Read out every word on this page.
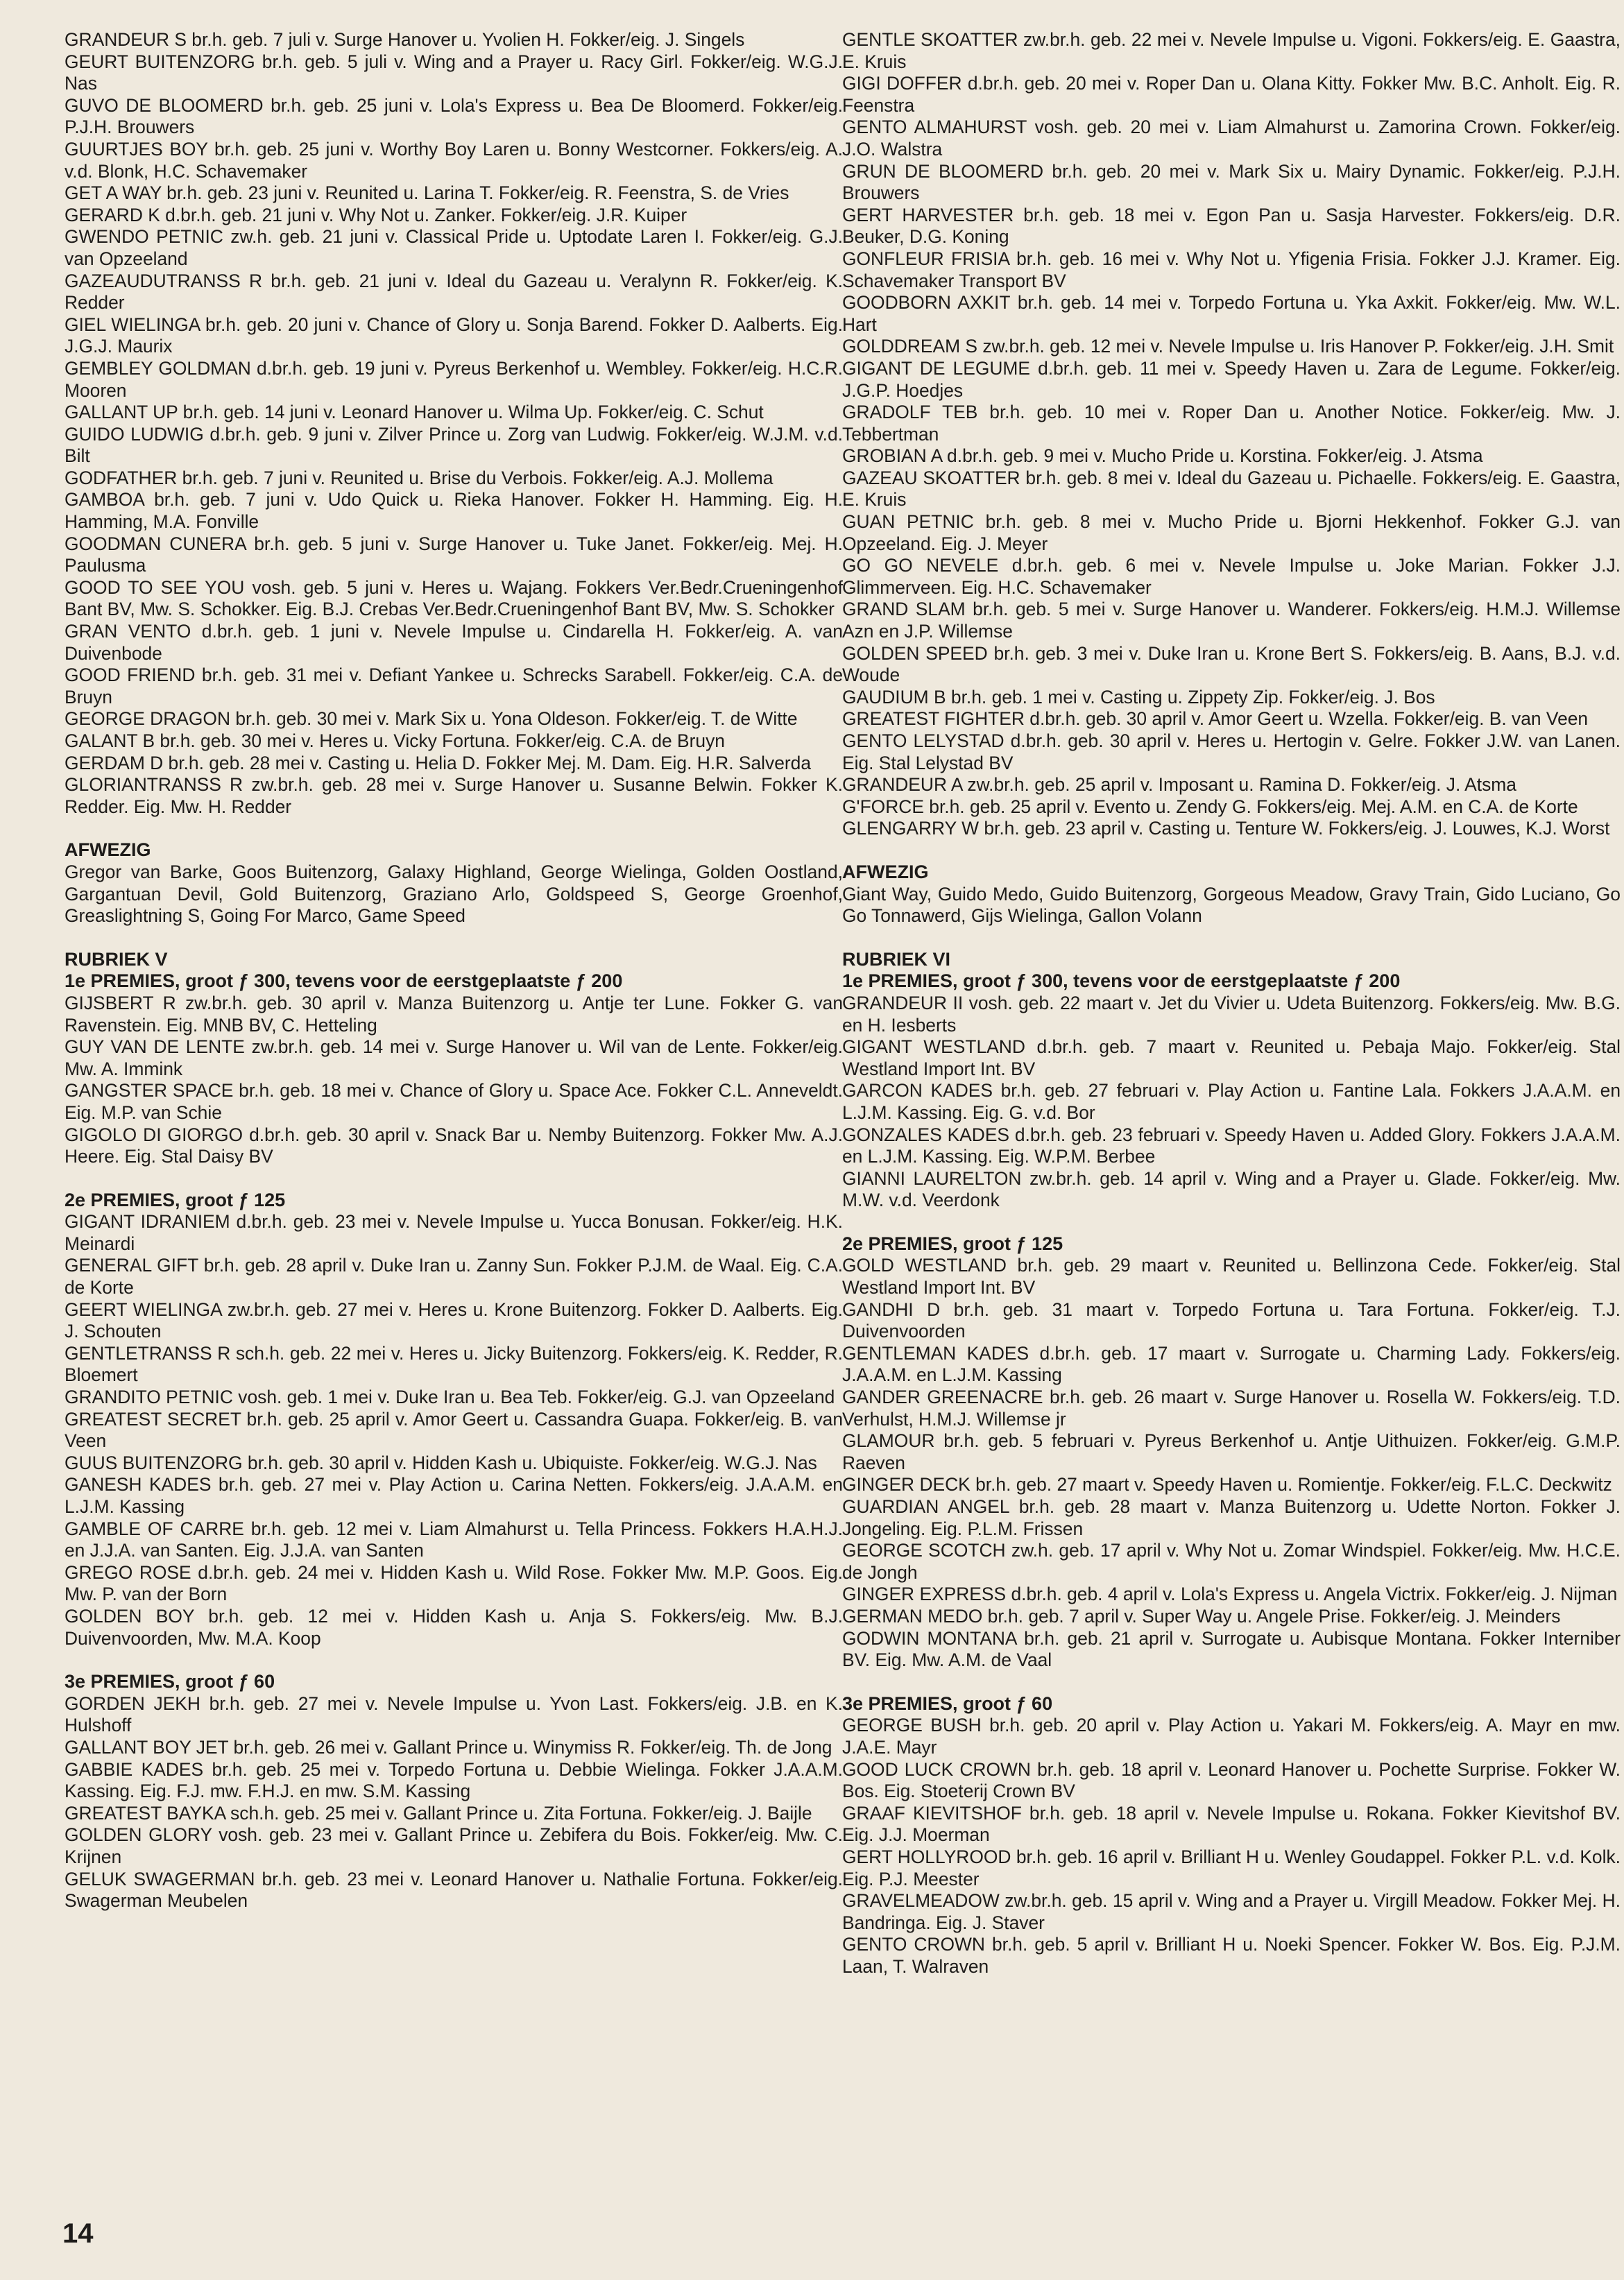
GRANDEUR S br.h. geb. 7 juli v. Surge Hanover u. Yvolien H. Fokker/eig. J. Singels
GEURT BUITENZORG br.h. geb. 5 juli v. Wing and a Prayer u. Racy Girl. Fokker/eig. W.G.J. Nas
GUVO DE BLOOMERD br.h. geb. 25 juni v. Lola's Express u. Bea De Bloomerd. Fokker/eig. P.J.H. Brouwers
GUURTJES BOY br.h. geb. 25 juni v. Worthy Boy Laren u. Bonny Westcorner. Fokkers/eig. A. v.d. Blonk, H.C. Schavemaker
GET A WAY br.h. geb. 23 juni v. Reunited u. Larina T. Fokker/eig. R. Feenstra, S. de Vries
GERARD K d.br.h. geb. 21 juni v. Why Not u. Zanker. Fokker/eig. J.R. Kuiper
GWENDO PETNIC zw.h. geb. 21 juni v. Classical Pride u. Uptodate Laren I. Fokker/eig. G.J. van Opzeeland
GAZEAUDUTRANSS R br.h. geb. 21 juni v. Ideal du Gazeau u. Veralynn R. Fokker/eig. K. Redder
GIEL WIELINGA br.h. geb. 20 juni v. Chance of Glory u. Sonja Barend. Fokker D. Aalberts. Eig. J.G.J. Maurix
GEMBLEY GOLDMAN d.br.h. geb. 19 juni v. Pyreus Berkenhof u. Wembley. Fokker/eig. H.C.R. Mooren
GALLANT UP br.h. geb. 14 juni v. Leonard Hanover u. Wilma Up. Fokker/eig. C. Schut
GUIDO LUDWIG d.br.h. geb. 9 juni v. Zilver Prince u. Zorg van Ludwig. Fokker/eig. W.J.M. v.d. Bilt
GODFATHER br.h. geb. 7 juni v. Reunited u. Brise du Verbois. Fokker/eig. A.J. Mollema
GAMBOA br.h. geb. 7 juni v. Udo Quick u. Rieka Hanover. Fokker H. Hamming. Eig. H. Hamming, M.A. Fonville
GOODMAN CUNERA br.h. geb. 5 juni v. Surge Hanover u. Tuke Janet. Fokker/eig. Mej. H. Paulusma
GOOD TO SEE YOU vosh. geb. 5 juni v. Heres u. Wajang. Fokkers Ver.Bedr.Crueningenhof Bant BV, Mw. S. Schokker. Eig. B.J. Crebas Ver.Bedr.Crueningenhof Bant BV, Mw. S. Schokker
GRAN VENTO d.br.h. geb. 1 juni v. Nevele Impulse u. Cindarella H. Fokker/eig. A. van Duivenbode
GOOD FRIEND br.h. geb. 31 mei v. Defiant Yankee u. Schrecks Sarabell. Fokker/eig. C.A. de Bruyn
GEORGE DRAGON br.h. geb. 30 mei v. Mark Six u. Yona Oldeson. Fokker/eig. T. de Witte
GALANT B br.h. geb. 30 mei v. Heres u. Vicky Fortuna. Fokker/eig. C.A. de Bruyn
GERDAM D br.h. geb. 28 mei v. Casting u. Helia D. Fokker Mej. M. Dam. Eig. H.R. Salverda
GLORIANTRANSS R zw.br.h. geb. 28 mei v. Surge Hanover u. Susanne Belwin. Fokker K. Redder. Eig. Mw. H. Redder
AFWEZIG
Gregor van Barke, Goos Buitenzorg, Galaxy Highland, George Wielinga, Golden Oostland, Gargantuan Devil, Gold Buitenzorg, Graziano Arlo, Goldspeed S, George Groenhof, Greaslightning S, Going For Marco, Game Speed
RUBRIEK V
1e PREMIES, groot ƒ 300, tevens voor de eerstgeplaatste ƒ 200
GIJSBERT R zw.br.h. geb. 30 april v. Manza Buitenzorg u. Antje ter Lune. Fokker G. van Ravenstein. Eig. MNB BV, C. Hetteling
GUY VAN DE LENTE zw.br.h. geb. 14 mei v. Surge Hanover u. Wil van de Lente. Fokker/eig. Mw. A. Immink
GANGSTER SPACE br.h. geb. 18 mei v. Chance of Glory u. Space Ace. Fokker C.L. Anneveldt. Eig. M.P. van Schie
GIGOLO DI GIORGO d.br.h. geb. 30 april v. Snack Bar u. Nemby Buitenzorg. Fokker Mw. A.J. Heere. Eig. Stal Daisy BV
2e PREMIES, groot ƒ 125
GIGANT IDRANIEM d.br.h. geb. 23 mei v. Nevele Impulse u. Yucca Bonusan. Fokker/eig. H.K. Meinardi
GENERAL GIFT br.h. geb. 28 april v. Duke Iran u. Zanny Sun. Fokker P.J.M. de Waal. Eig. C.A. de Korte
GEERT WIELINGA zw.br.h. geb. 27 mei v. Heres u. Krone Buitenzorg. Fokker D. Aalberts. Eig. J. Schouten
GENTLETRANSS R sch.h. geb. 22 mei v. Heres u. Jicky Buitenzorg. Fokkers/eig. K. Redder, R. Bloemert
GRANDITO PETNIC vosh. geb. 1 mei v. Duke Iran u. Bea Teb. Fokker/eig. G.J. van Opzeeland
GREATEST SECRET br.h. geb. 25 april v. Amor Geert u. Cassandra Guapa. Fokker/eig. B. van Veen
GUUS BUITENZORG br.h. geb. 30 april v. Hidden Kash u. Ubiquiste. Fokker/eig. W.G.J. Nas
GANESH KADES br.h. geb. 27 mei v. Play Action u. Carina Netten. Fokkers/eig. J.A.A.M. en L.J.M. Kassing
GAMBLE OF CARRE br.h. geb. 12 mei v. Liam Almahurst u. Tella Princess. Fokkers H.A.H.J. en J.J.A. van Santen. Eig. J.J.A. van Santen
GREGO ROSE d.br.h. geb. 24 mei v. Hidden Kash u. Wild Rose. Fokker Mw. M.P. Goos. Eig. Mw. P. van der Born
GOLDEN BOY br.h. geb. 12 mei v. Hidden Kash u. Anja S. Fokkers/eig. Mw. B.J. Duivenvoorden, Mw. M.A. Koop
3e PREMIES, groot ƒ 60
GORDEN JEKH br.h. geb. 27 mei v. Nevele Impulse u. Yvon Last. Fokkers/eig. J.B. en K. Hulshoff
GALLANT BOY JET br.h. geb. 26 mei v. Gallant Prince u. Winymiss R. Fokker/eig. Th. de Jong
GABBIE KADES br.h. geb. 25 mei v. Torpedo Fortuna u. Debbie Wielinga. Fokker J.A.A.M. Kassing. Eig. F.J. mw. F.H.J. en mw. S.M. Kassing
GREATEST BAYKA sch.h. geb. 25 mei v. Gallant Prince u. Zita Fortuna. Fokker/eig. J. Baijle
GOLDEN GLORY vosh. geb. 23 mei v. Gallant Prince u. Zebifera du Bois. Fokker/eig. Mw. C. Krijnen
GELUK SWAGERMAN br.h. geb. 23 mei v. Leonard Hanover u. Nathalie Fortuna. Fokker/eig. Swagerman Meubelen
GENTLE SKOATTER zw.br.h. geb. 22 mei v. Nevele Impulse u. Vigoni. Fokkers/eig. E. Gaastra, E. Kruis
GIGI DOFFER d.br.h. geb. 20 mei v. Roper Dan u. Olana Kitty. Fokker Mw. B.C. Anholt. Eig. R. Feenstra
GENTO ALMAHURST vosh. geb. 20 mei v. Liam Almahurst u. Zamorina Crown. Fokker/eig. J.O. Walstra
GRUN DE BLOOMERD br.h. geb. 20 mei v. Mark Six u. Mairy Dynamic. Fokker/eig. P.J.H. Brouwers
GERT HARVESTER br.h. geb. 18 mei v. Egon Pan u. Sasja Harvester. Fokkers/eig. D.R. Beuker, D.G. Koning
GONFLEUR FRISIA br.h. geb. 16 mei v. Why Not u. Yfigenia Frisia. Fokker J.J. Kramer. Eig. Schavemaker Transport BV
GOODBORN AXKIT br.h. geb. 14 mei v. Torpedo Fortuna u. Yka Axkit. Fokker/eig. Mw. W.L. Hart
GOLDDREAM S zw.br.h. geb. 12 mei v. Nevele Impulse u. Iris Hanover P. Fokker/eig. J.H. Smit
GIGANT DE LEGUME d.br.h. geb. 11 mei v. Speedy Haven u. Zara de Legume. Fokker/eig. J.G.P. Hoedjes
GRADOLF TEB br.h. geb. 10 mei v. Roper Dan u. Another Notice. Fokker/eig. Mw. J. Tebbertman
GROBIAN A d.br.h. geb. 9 mei v. Mucho Pride u. Korstina. Fokker/eig. J. Atsma
GAZEAU SKOATTER br.h. geb. 8 mei v. Ideal du Gazeau u. Pichaelle. Fokkers/eig. E. Gaastra, E. Kruis
GUAN PETNIC br.h. geb. 8 mei v. Mucho Pride u. Bjorni Hekkenhof. Fokker G.J. van Opzeeland. Eig. J. Meyer
GO GO NEVELE d.br.h. geb. 6 mei v. Nevele Impulse u. Joke Marian. Fokker J.J. Glimmerveen. Eig. H.C. Schavemaker
GRAND SLAM br.h. geb. 5 mei v. Surge Hanover u. Wanderer. Fokkers/eig. H.M.J. Willemse Azn en J.P. Willemse
GOLDEN SPEED br.h. geb. 3 mei v. Duke Iran u. Krone Bert S. Fokkers/eig. B. Aans, B.J. v.d. Woude
GAUDIUM B br.h. geb. 1 mei v. Casting u. Zippety Zip. Fokker/eig. J. Bos
GREATEST FIGHTER d.br.h. geb. 30 april v. Amor Geert u. Wzella. Fokker/eig. B. van Veen
GENTO LELYSTAD d.br.h. geb. 30 april v. Heres u. Hertogin v. Gelre. Fokker J.W. van Lanen. Eig. Stal Lelystad BV
GRANDEUR A zw.br.h. geb. 25 april v. Imposant u. Ramina D. Fokker/eig. J. Atsma
G'FORCE br.h. geb. 25 april v. Evento u. Zendy G. Fokkers/eig. Mej. A.M. en C.A. de Korte
GLENGARRY W br.h. geb. 23 april v. Casting u. Tenture W. Fokkers/eig. J. Louwes, K.J. Worst
AFWEZIG
Giant Way, Guido Medo, Guido Buitenzorg, Gorgeous Meadow, Gravy Train, Gido Luciano, Go Go Tonnawerd, Gijs Wielinga, Gallon Volann
RUBRIEK VI
1e PREMIES, groot ƒ 300, tevens voor de eerstgeplaatste ƒ 200
GRANDEUR II vosh. geb. 22 maart v. Jet du Vivier u. Udeta Buitenzorg. Fokkers/eig. Mw. B.G. en H. Iesberts
GIGANT WESTLAND d.br.h. geb. 7 maart v. Reunited u. Pebaja Majo. Fokker/eig. Stal Westland Import Int. BV
GARCON KADES br.h. geb. 27 februari v. Play Action u. Fantine Lala. Fokkers J.A.A.M. en L.J.M. Kassing. Eig. G. v.d. Bor
GONZALES KADES d.br.h. geb. 23 februari v. Speedy Haven u. Added Glory. Fokkers J.A.A.M. en L.J.M. Kassing. Eig. W.P.M. Berbee
GIANNI LAURELTON zw.br.h. geb. 14 april v. Wing and a Prayer u. Glade. Fokker/eig. Mw. M.W. v.d. Veerdonk
2e PREMIES, groot ƒ 125
GOLD WESTLAND br.h. geb. 29 maart v. Reunited u. Bellinzona Cede. Fokker/eig. Stal Westland Import Int. BV
GANDHI D br.h. geb. 31 maart v. Torpedo Fortuna u. Tara Fortuna. Fokker/eig. T.J. Duivenvoorden
GENTLEMAN KADES d.br.h. geb. 17 maart v. Surrogate u. Charming Lady. Fokkers/eig. J.A.A.M. en L.J.M. Kassing
GANDER GREENACRE br.h. geb. 26 maart v. Surge Hanover u. Rosella W. Fokkers/eig. T.D. Verhulst, H.M.J. Willemse jr
GLAMOUR br.h. geb. 5 februari v. Pyreus Berkenhof u. Antje Uithuizen. Fokker/eig. G.M.P. Raeven
GINGER DECK br.h. geb. 27 maart v. Speedy Haven u. Romientje. Fokker/eig. F.L.C. Deckwitz
GUARDIAN ANGEL br.h. geb. 28 maart v. Manza Buitenzorg u. Udette Norton. Fokker J. Jongeling. Eig. P.L.M. Frissen
GEORGE SCOTCH zw.h. geb. 17 april v. Why Not u. Zomar Windspiel. Fokker/eig. Mw. H.C.E. de Jongh
GINGER EXPRESS d.br.h. geb. 4 april v. Lola's Express u. Angela Victrix. Fokker/eig. J. Nijman
GERMAN MEDO br.h. geb. 7 april v. Super Way u. Angele Prise. Fokker/eig. J. Meinders
GODWIN MONTANA br.h. geb. 21 april v. Surrogate u. Aubisque Montana. Fokker Interniber BV. Eig. Mw. A.M. de Vaal
3e PREMIES, groot ƒ 60
GEORGE BUSH br.h. geb. 20 april v. Play Action u. Yakari M. Fokkers/eig. A. Mayr en mw. J.A.E. Mayr
GOOD LUCK CROWN br.h. geb. 18 april v. Leonard Hanover u. Pochette Surprise. Fokker W. Bos. Eig. Stoeterij Crown BV
GRAAF KIEVITSHOF br.h. geb. 18 april v. Nevele Impulse u. Rokana. Fokker Kievitshof BV. Eig. J.J. Moerman
GERT HOLLYROOD br.h. geb. 16 april v. Brilliant H u. Wenley Goudappel. Fokker P.L. v.d. Kolk. Eig. P.J. Meester
GRAVELMEADOW zw.br.h. geb. 15 april v. Wing and a Prayer u. Virgill Meadow. Fokker Mej. H. Bandringa. Eig. J. Staver
GENTO CROWN br.h. geb. 5 april v. Brilliant H u. Noeki Spencer. Fokker W. Bos. Eig. P.J.M. Laan, T. Walraven
14
